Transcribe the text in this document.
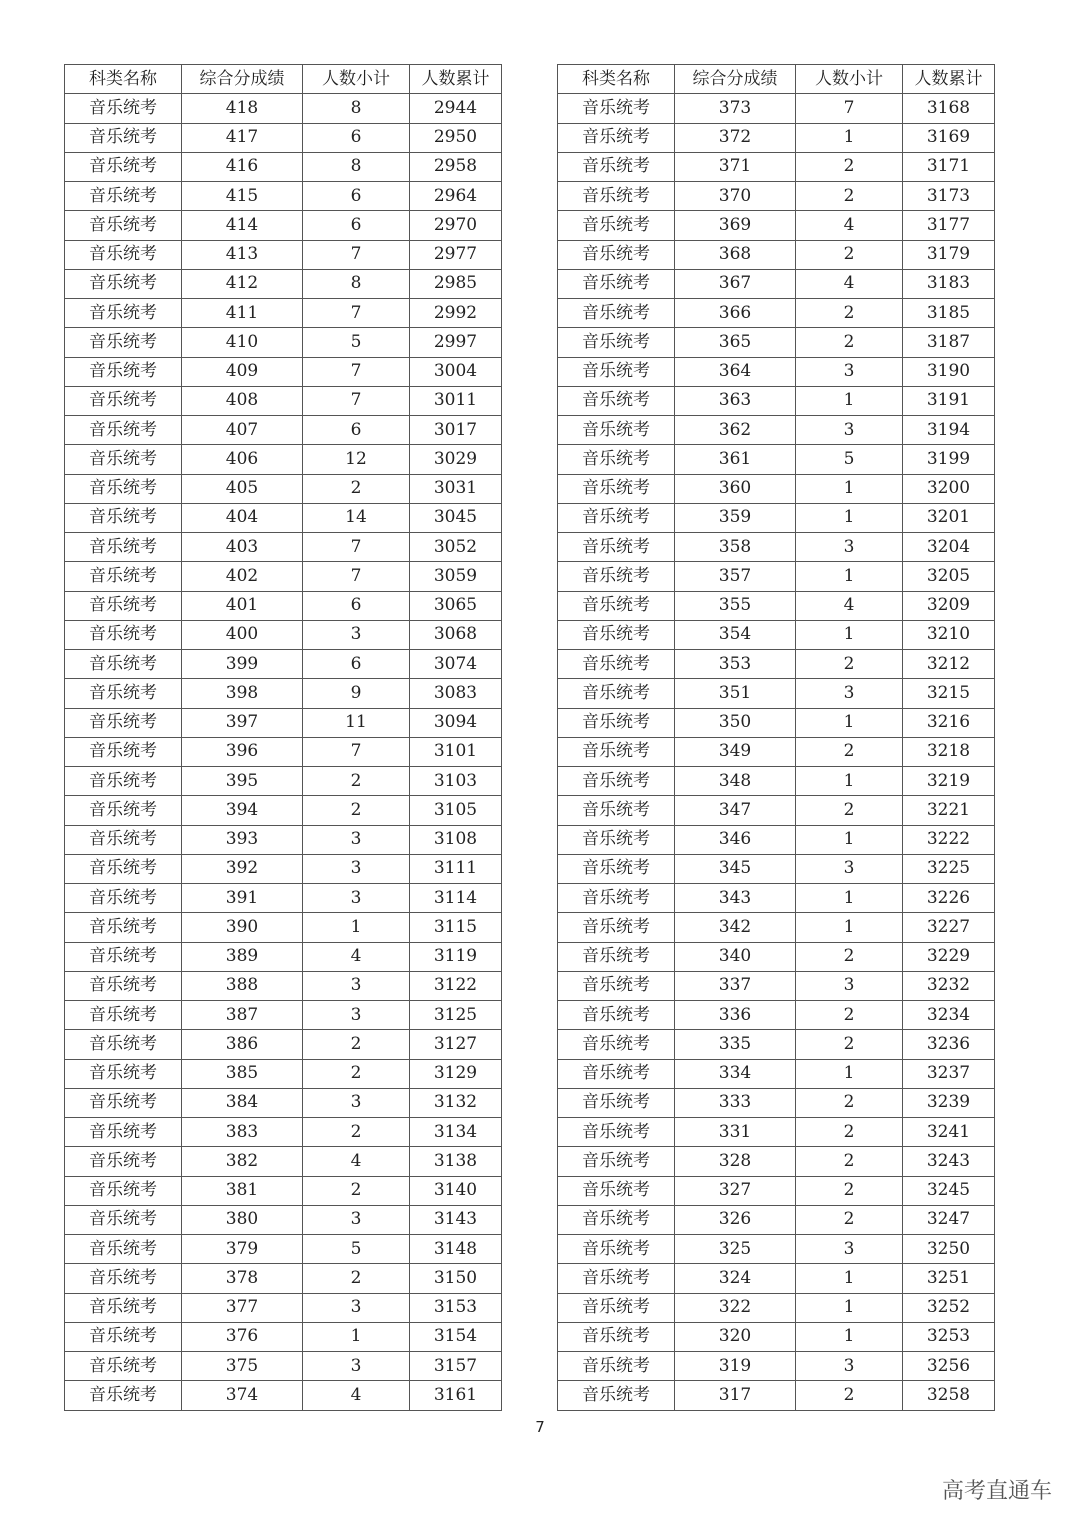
科类名称	综合分成绩	人数小计	人数累计
音乐统考	418	8	2944
音乐统考	417	6	2950
音乐统考	416	8	2958
音乐统考	415	6	2964
音乐统考	414	6	2970
音乐统考	413	7	2977
音乐统考	412	8	2985
音乐统考	411	7	2992
音乐统考	410	5	2997
音乐统考	409	7	3004
音乐统考	408	7	3011
音乐统考	407	6	3017
音乐统考	406	12	3029
音乐统考	405	2	3031
音乐统考	404	14	3045
音乐统考	403	7	3052
音乐统考	402	7	3059
音乐统考	401	6	3065
音乐统考	400	3	3068
音乐统考	399	6	3074
音乐统考	398	9	3083
音乐统考	397	11	3094
音乐统考	396	7	3101
音乐统考	395	2	3103
音乐统考	394	2	3105
音乐统考	393	3	3108
音乐统考	392	3	3111
音乐统考	391	3	3114
音乐统考	390	1	3115
音乐统考	389	4	3119
音乐统考	388	3	3122
音乐统考	387	3	3125
音乐统考	386	2	3127
音乐统考	385	2	3129
音乐统考	384	3	3132
音乐统考	383	2	3134
音乐统考	382	4	3138
音乐统考	381	2	3140
音乐统考	380	3	3143
音乐统考	379	5	3148
音乐统考	378	2	3150
音乐统考	377	3	3153
音乐统考	376	1	3154
音乐统考	375	3	3157
音乐统考	374	4	3161
科类名称	综合分成绩	人数小计	人数累计
音乐统考	373	7	3168
音乐统考	372	1	3169
音乐统考	371	2	3171
音乐统考	370	2	3173
音乐统考	369	4	3177
音乐统考	368	2	3179
音乐统考	367	4	3183
音乐统考	366	2	3185
音乐统考	365	2	3187
音乐统考	364	3	3190
音乐统考	363	1	3191
音乐统考	362	3	3194
音乐统考	361	5	3199
音乐统考	360	1	3200
音乐统考	359	1	3201
音乐统考	358	3	3204
音乐统考	357	1	3205
音乐统考	355	4	3209
音乐统考	354	1	3210
音乐统考	353	2	3212
音乐统考	351	3	3215
音乐统考	350	1	3216
音乐统考	349	2	3218
音乐统考	348	1	3219
音乐统考	347	2	3221
音乐统考	346	1	3222
音乐统考	345	3	3225
音乐统考	343	1	3226
音乐统考	342	1	3227
音乐统考	340	2	3229
音乐统考	337	3	3232
音乐统考	336	2	3234
音乐统考	335	2	3236
音乐统考	334	1	3237
音乐统考	333	2	3239
音乐统考	331	2	3241
音乐统考	328	2	3243
音乐统考	327	2	3245
音乐统考	326	2	3247
音乐统考	325	3	3250
音乐统考	324	1	3251
音乐统考	322	1	3252
音乐统考	320	1	3253
音乐统考	319	3	3256
音乐统考	317	2	3258
7
高考直通车
